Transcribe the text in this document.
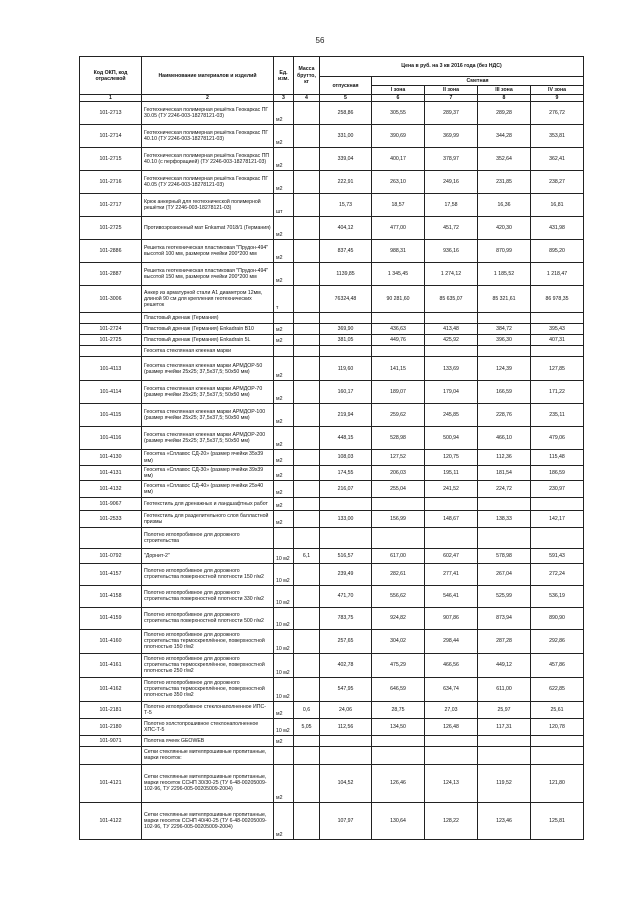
56
Код ОКП, код отраслевой	Наименование материалов и изделий	Ед. изм.	Масса брутто, кг	Цена в руб. на 3 кв 2016 года (без НДС)				
				отпускная	Сметная			
					I зона	II зона	III зона	IV зона
1	2	3	4	5	6	7	8	9
101-2713	Геотехническая полимерная решётка Геокаркас ПГ 30.05 (ТУ 2246-003-18278121-03)	м2		258,86	305,55	289,37	289,28	276,72
101-2714	Геотехническая полимерная решётка Геокаркас ПГ 40.10 (ТУ 2246-003-18278121-03)	м2		331,00	390,69	369,99	344,28	353,81
101-2715	Геотехническая полимерная решётка Геокаркас ПП 40.10 (с перфорацией) (ТУ 2246-003-18278121-03)	м2		339,04	400,17	378,97	352,64	362,41
101-2716	Геотехническая полимерная решётка Геокаркас ПГ 40.05 (ТУ 2246-003-18278121-03)	м2		222,91	263,10	249,16	231,85	238,27
101-2717	Крюк анкерный для геотехнической полимерной решётки (ТУ 2246-003-18278121-03)	шт		15,73	18,57	17,58	16,36	16,81
101-2725	Противоэрозионный мат Enkamat 7018/1 (Германия)	м2		404,12	477,00	451,72	420,30	431,98
101-2886	Решетка геотехническая пластиковая "Прудон-494" высотой 100 мм, размером ячейки 200*200 мм	м2		837,45	988,31	936,16	870,99	895,20
101-2887	Решетка геотехническая пластиковая "Прудон-494" высотой 150 мм, размером ячейки 200*200 мм	м2		1139,85	1 345,45	1 274,12	1 185,52	1 218,47
101-3006	Анкер из арматурной стали А1 диаметром 12мм, длиной 90 см для крепления геотехнических решеток	т		76324,48	90 281,60	85 635,07	85 321,61	86 978,35
	Пластовый дренаж (Германия)							
101-2724	Пластовый дренаж (Германия) Enkadrain B10	м2		369,90	436,63	413,48	384,72	395,43
101-2725	Пластовый дренаж (Германия) Enkadrain 5L	м2		381,05	449,76	425,92	396,30	407,31
	Геосетка стеклянная клееная марки							
101-4113	Геосетка стеклянная клееная марки АРМДОР-50 (размер ячейки 25х25; 37,5х37,5; 50х50 мм)	м2		119,60	141,15	133,69	124,39	127,85
101-4114	Геосетка стеклянная клееная марки АРМДОР-70 (размер ячейки 25х25; 37,5х37,5; 50х50 мм)	м2		160,17	189,07	179,04	166,59	171,22
101-4115	Геосетка стеклянная клееная марки АРМДОР-100 (размер ячейки 25х25; 37,5х37,5; 50х50 мм)	м2		219,94	259,62	245,85	228,76	235,11
101-4116	Геосетка стеклянная клееная марки АРМДОР-200 (размер ячейки 25х25; 37,5х37,5; 50х50 мм)	м2		448,15	528,98	500,94	466,10	479,06
101-4130	Геосетка «Сплавос СД-20» (размер ячейки 35х39 мм)	м2		108,03	127,52	120,75	112,36	115,48
101-4131	Геосетка «Сплавос СД-30» (размер ячейки 39х39 мм)	м2		174,55	206,03	195,11	181,54	186,59
101-4132	Геосетка «Сплавос СД-40» (размер ячейки 25х40 мм)	м2		216,07	255,04	241,52	224,72	230,97
101-9067	Геотекстиль для дренажных и ландшафтных работ	м2						
101-2533	Геотекстиль для разделительного слоя балластной призмы	м2		133,00	156,99	148,67	138,33	142,17
	Полотно иглопробивное для дорожного строительства							
101-0792	"Дорнит-2"	10 м2	6,1	516,57	617,00	602,47	578,98	591,43
101-4157	Полотно иглопробивное для дорожного строительства поверхностной плотности 150 г/м2	10 м2		239,49	282,61	277,41	267,04	272,24
101-4158	Полотно иглопробивное для дорожного строительства поверхностной плотности 330 г/м2	10 м2		471,70	556,62	546,41	525,99	536,19
101-4159	Полотно иглопробивное для дорожного строительства поверхностной плотности 500 г/м2	10 м2		783,75	924,82	907,86	873,94	890,90
101-4160	Полотно иглопробивное для дорожного строительства термоскреплённое, поверхностной плотностью 150 г/м2	10 м2		257,65	304,02	298,44	287,28	292,86
101-4161	Полотно иглопробивное для дорожного строительства термоскреплённое, поверхностной плотностью 250 г/м2	10 м2		402,78	475,29	466,56	449,12	457,86
101-4162	Полотно иглопробивное для дорожного строительства термоскреплённое, поверхностной плотностью 350 г/м2	10 м2		547,95	646,59	634,74	611,00	622,85
101-2181	Полотно иглопробивное стеклонаполненное ИПС-Т-5	м2	0,6	24,06	28,75	27,03	25,97	25,61
101-2180	Полотно холстопрошивное стеклонаполненное ХПС-Т-5	10 м2	5,05	112,56	134,50	126,48	117,31	120,78
101-9071	Полотна ячеек GEOWEB	м2						
	Сетки стеклянные мителпрошивные пропитанные, марки геосеток:							
101-4121	Сетки стеклянные мителпрошивные пропитанные, марки геосеток ССНП 30/30-25 (ТУ 6-48-00205009-102-96, ТУ 2296-005-00205009-2004)	м2		104,52	126,46	124,13	119,52	121,80
101-4122	Сетки стеклянные мителпрошивные пропитанные, марки геосеток ССНП 40/40-25 (ТУ 6-48-00205009-102-96, ТУ 2296-005-00205009-2004)	м2		107,97	130,64	128,22	123,46	125,81
